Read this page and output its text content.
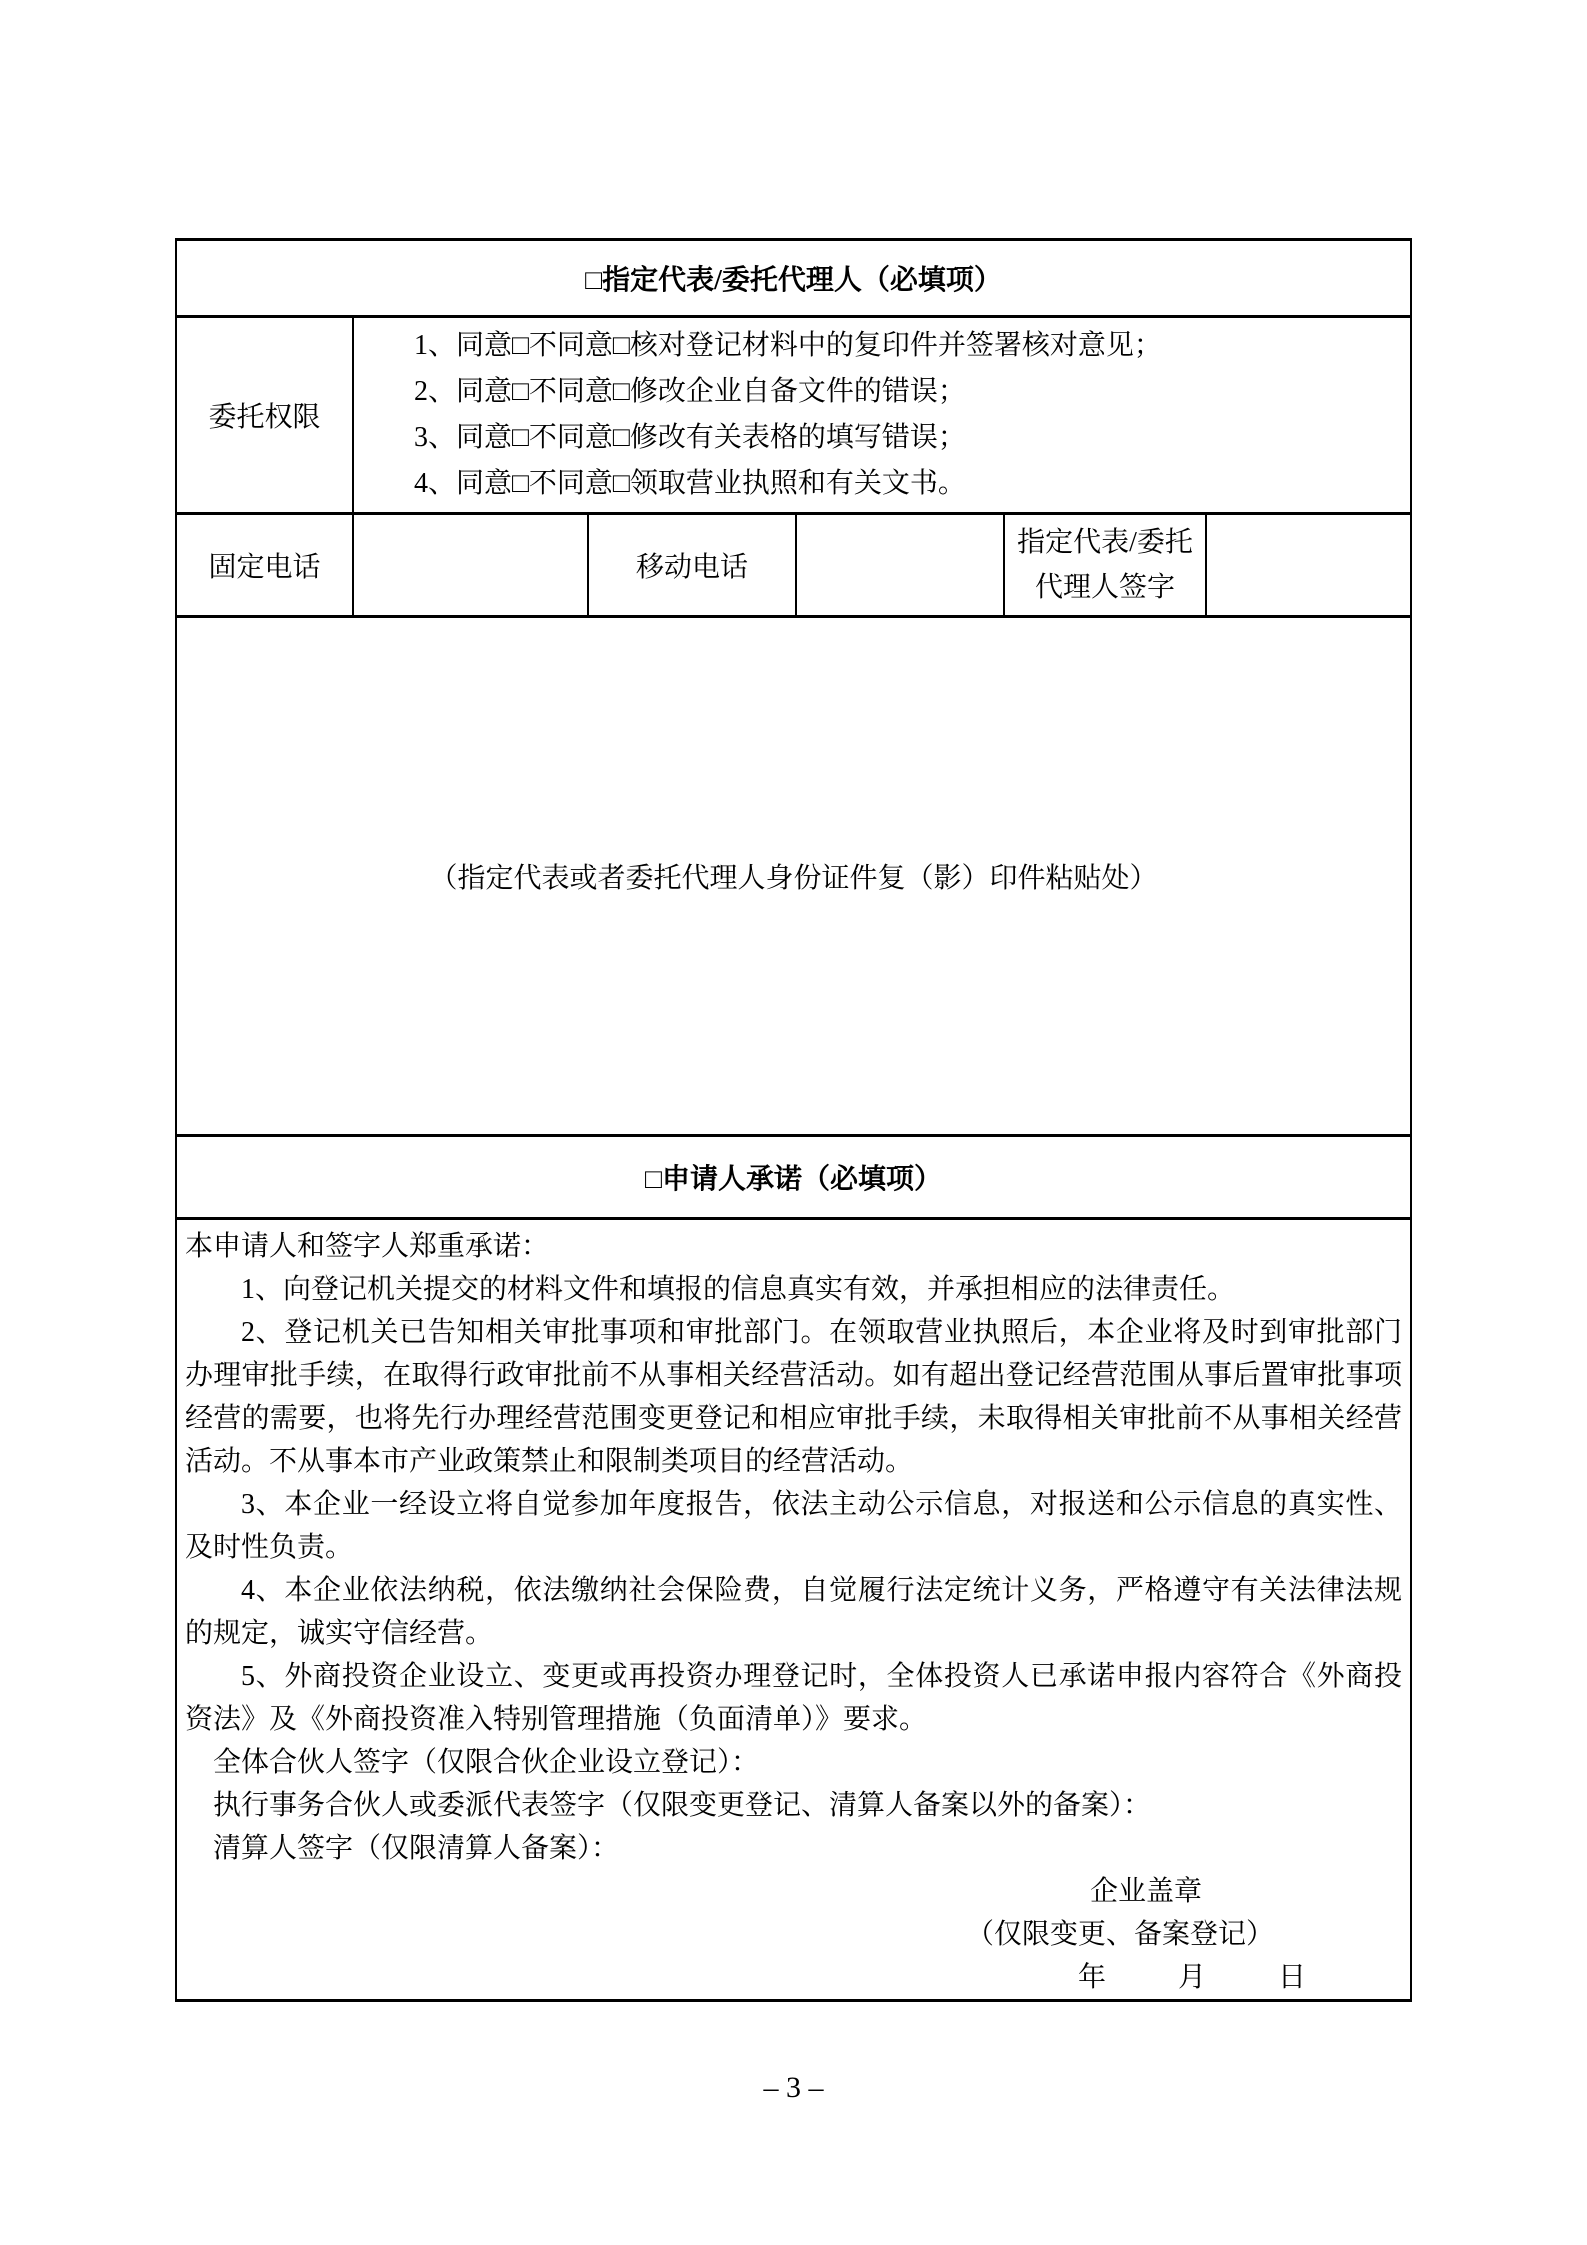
□指定代表/委托代理人（必填项）					
委托权限	1、同意□不同意□核对登记材料中的复印件并签署核对意见；
2、同意□不同意□修改企业自备文件的错误；
3、同意□不同意□修改有关表格的填写错误；
4、同意□不同意□领取营业执照和有关文书。				

固定电话		移动电话		指定代表/委托
代理人签字	

（指定代表或者委托代理人身份证件复（影）印件粘贴处）					
□申请人承诺（必填项）					

本申请人和签字人郑重承诺：

1、向登记机关提交的材料文件和填报的信息真实有效，并承担相应的法律责任。

2、登记机关已告知相关审批事项和审批部门。在领取营业执照后，本企业将及时到审批部门办理审批手续，在取得行政审批前不从事相关经营活动。如有超出登记经营范围从事后置审批事项经营的需要，也将先行办理经营范围变更登记和相应审批手续，未取得相关审批前不从事相关经营活动。不从事本市产业政策禁止和限制类项目的经营活动。

3、本企业一经设立将自觉参加年度报告，依法主动公示信息，对报送和公示信息的真实性、及时性负责。

4、本企业依法纳税，依法缴纳社会保险费，自觉履行法定统计义务，严格遵守有关法律法规的规定，诚实守信经营。

5、外商投资企业设立、变更或再投资办理登记时，全体投资人已承诺申报内容符合《外商投资法》及《外商投资准入特别管理措施（负面清单）》要求。

全体合伙人签字（仅限合伙企业设立登记）：

执行事务合伙人或委派代表签字（仅限变更登记、清算人备案以外的备案）：

清算人签字（仅限清算人备案）：

企业盖章

（仅限变更、备案登记）

年	月	日
– 3 –
